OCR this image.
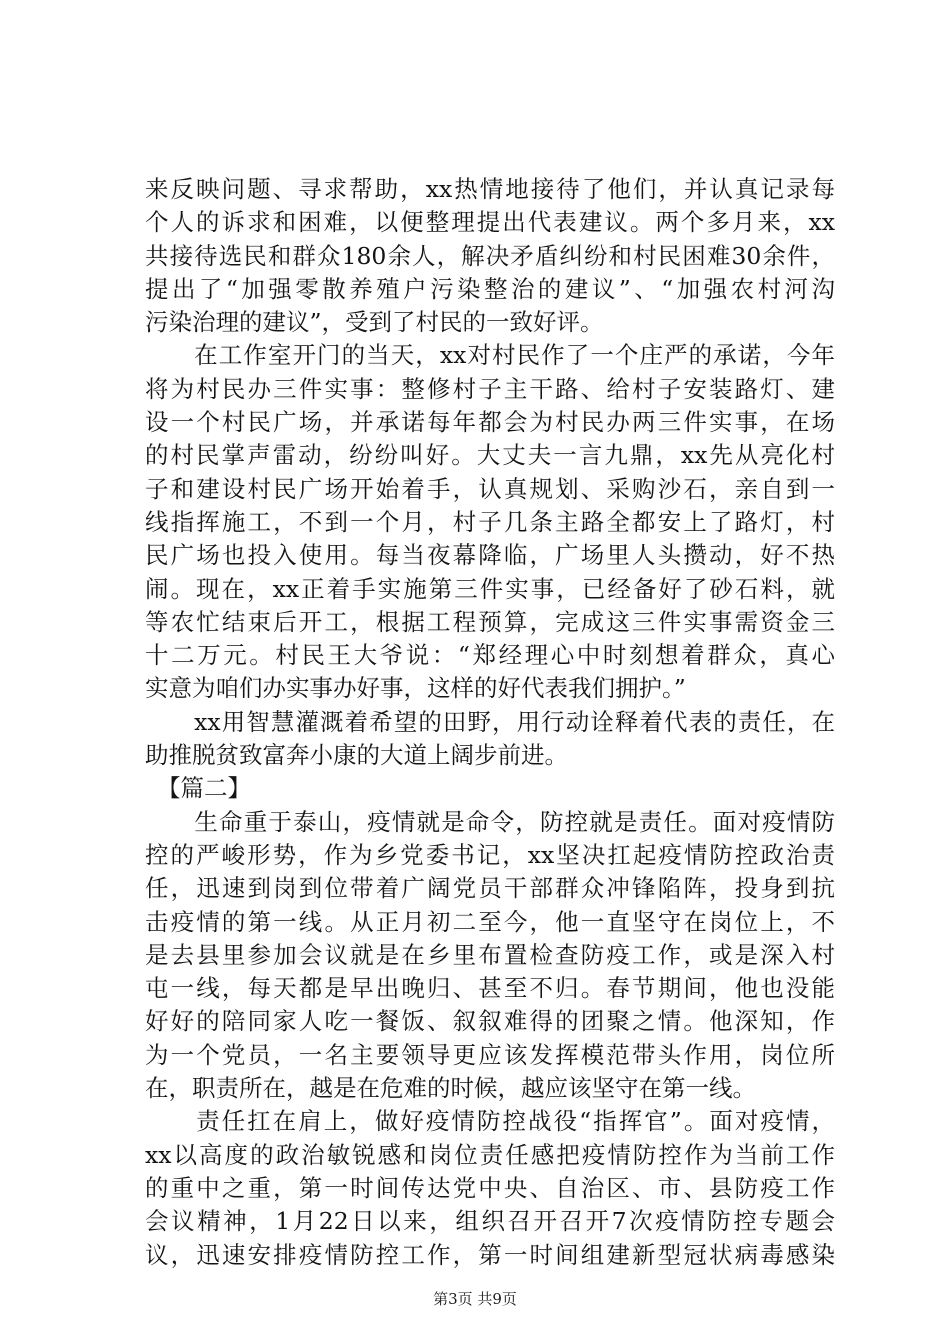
来反映问题、寻求帮助，xx热情地接待了他们，并认真记录每
个人的诉求和困难，以便整理提出代表建议。两个多月来，xx
共接待选民和群众180余人，解决矛盾纠纷和村民困难30余件，
提出了“加强零散养殖户污染整治的建议”、“加强农村河沟
污染治理的建议”，受到了村民的一致好评。
　　在工作室开门的当天，xx对村民作了一个庄严的承诺，今年
将为村民办三件实事：整修村子主干路、给村子安装路灯、建
设一个村民广场，并承诺每年都会为村民办两三件实事，在场
的村民掌声雷动，纷纷叫好。大丈夫一言九鼎，xx先从亮化村
子和建设村民广场开始着手，认真规划、采购沙石，亲自到一
线指挥施工，不到一个月，村子几条主路全都安上了路灯，村
民广场也投入使用。每当夜幕降临，广场里人头攒动，好不热
闹。现在，xx正着手实施第三件实事，已经备好了砂石料，就
等农忙结束后开工，根据工程预算，完成这三件实事需资金三
十二万元。村民王大爷说：“郑经理心中时刻想着群众，真心
实意为咱们办实事办好事，这样的好代表我们拥护。”
　　xx用智慧灌溉着希望的田野，用行动诠释着代表的责任，在
助推脱贫致富奔小康的大道上阔步前进。
【篇二】
　　生命重于泰山，疫情就是命令，防控就是责任。面对疫情防
控的严峻形势，作为乡党委书记，xx坚决扛起疫情防控政治责
任，迅速到岗到位带着广阔党员干部群众冲锋陷阵，投身到抗
击疫情的第一线。从正月初二至今，他一直坚守在岗位上，不
是去县里参加会议就是在乡里布置检查防疫工作，或是深入村
屯一线，每天都是早出晚归、甚至不归。春节期间，他也没能
好好的陪同家人吃一餐饭、叙叙难得的团聚之情。他深知，作
为一个党员，一名主要领导更应该发挥模范带头作用，岗位所
在，职责所在，越是在危难的时候，越应该坚守在第一线。
　　责任扛在肩上，做好疫情防控战役“指挥官”。面对疫情，
xx以高度的政治敏锐感和岗位责任感把疫情防控作为当前工作
的重中之重，第一时间传达党中央、自治区、市、县防疫工作
会议精神，1月22日以来，组织召开召开7次疫情防控专题会
议，迅速安排疫情防控工作，第一时间组建新型冠状病毒感染
第3页 共9页
